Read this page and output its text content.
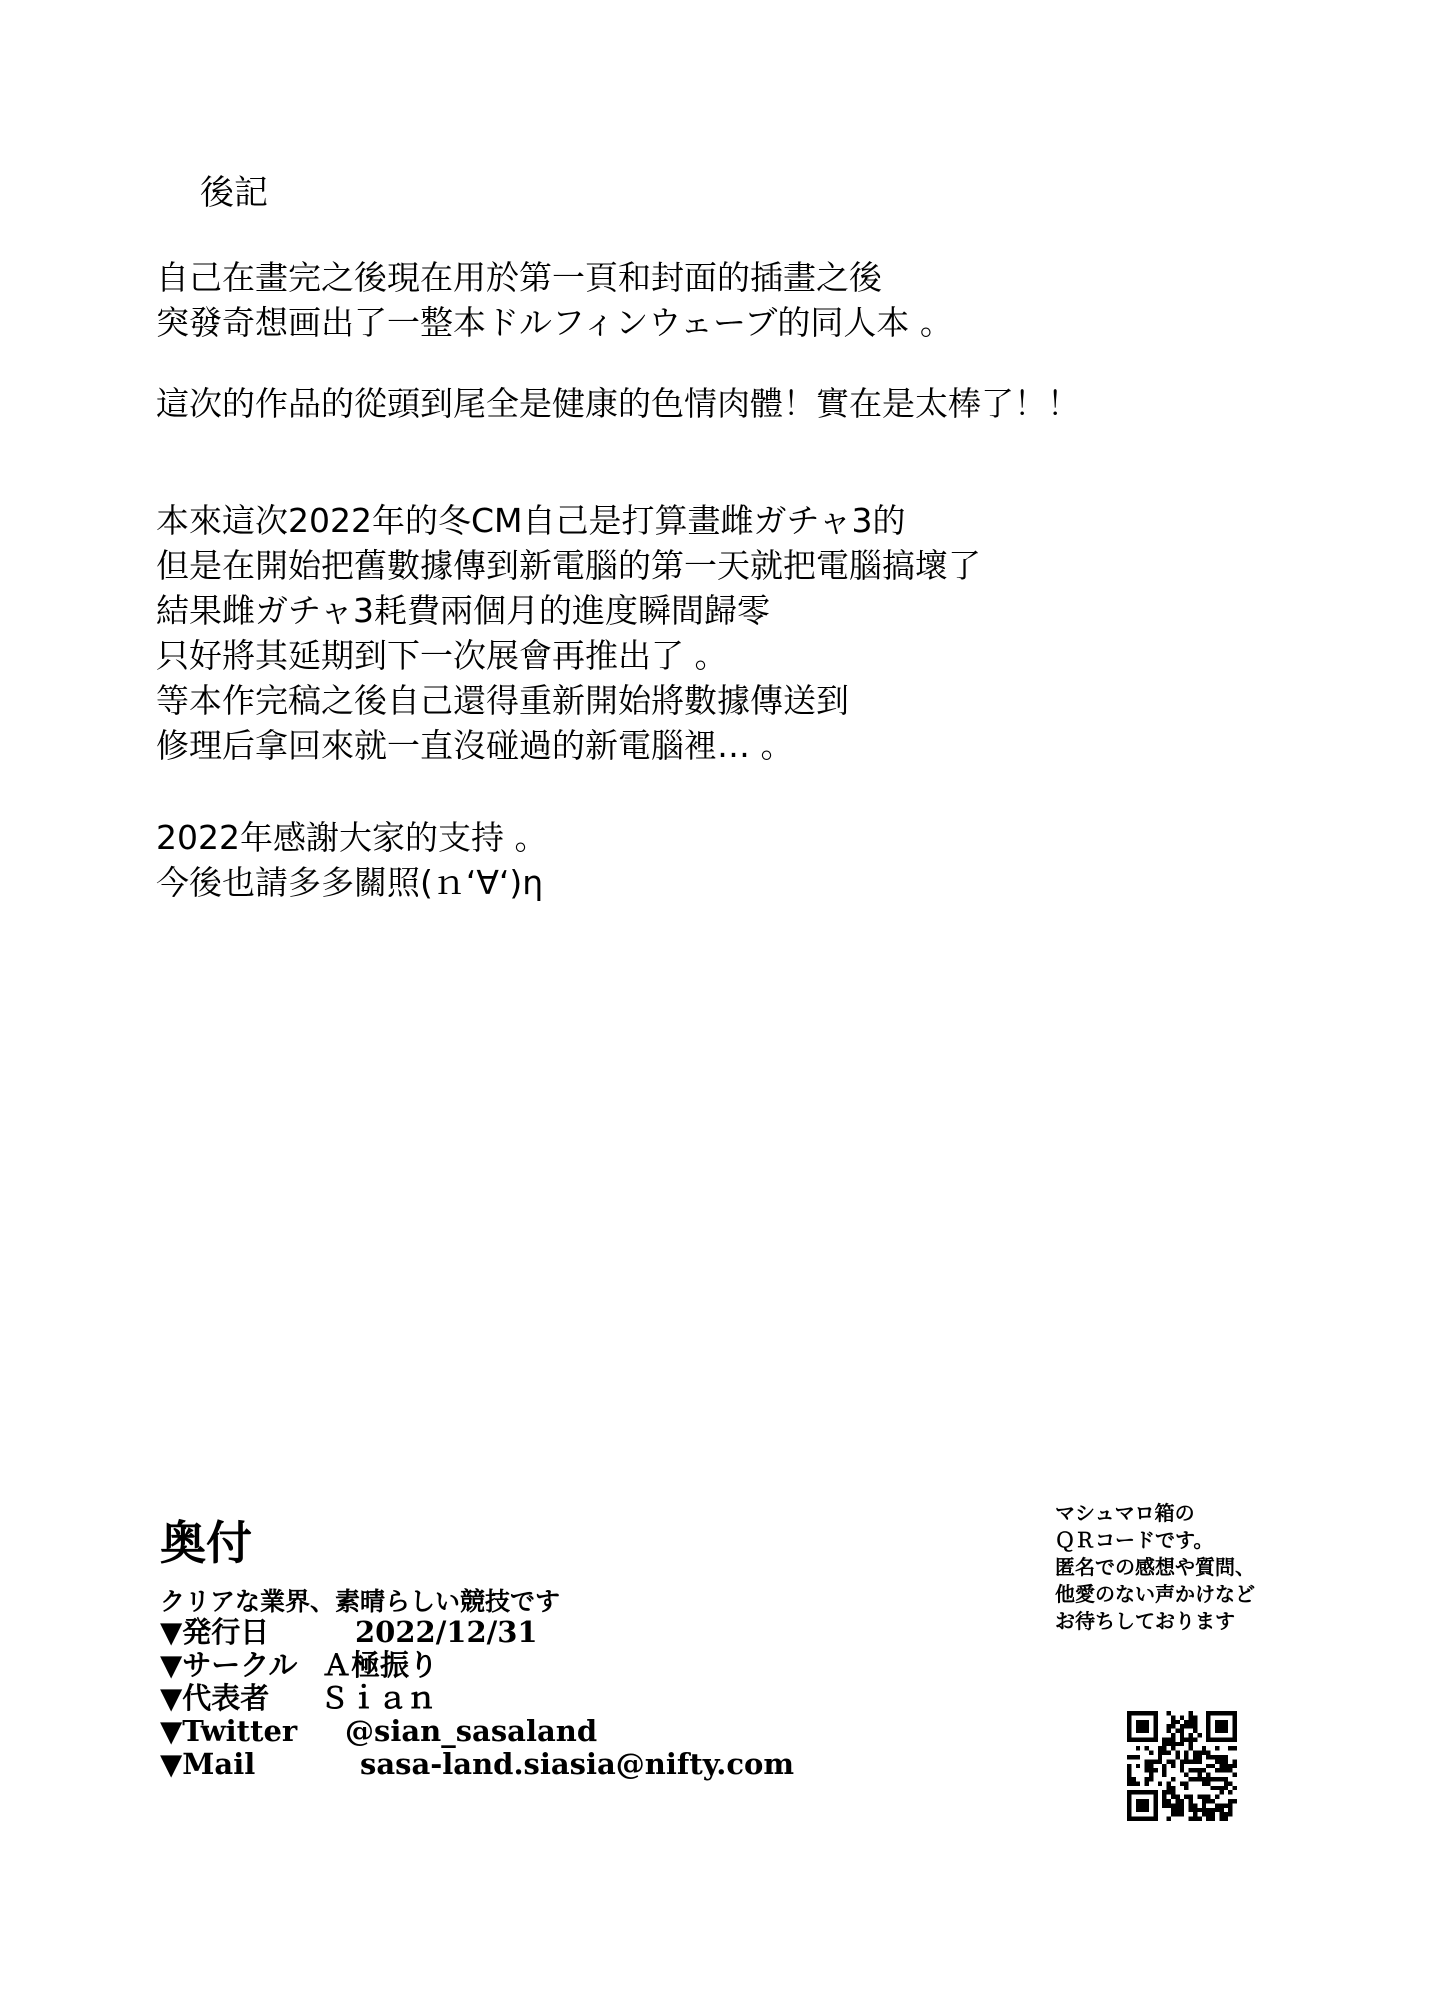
後記
自己在畫完之後現在用於第一頁和封面的插畫之後
突發奇想画出了一整本ドルフィンウェーブ的同人本 。
這次的作品的從頭到尾全是健康的色情肉體！實在是太棒了！！
本來這次2022年的冬CM自己是打算畫雌ガチャ3的
但是在開始把舊數據傳到新電腦的第一天就把電腦搞壞了
結果雌ガチャ3耗費兩個月的進度瞬間歸零
只好將其延期到下一次展會再推出了 。
等本作完稿之後自己還得重新開始將數據傳送到
修理后拿回來就一直沒碰過的新電腦裡… 。
2022年感謝大家的支持 。
今後也請多多關照(ｎ‘∀‘)η
奥付
クリアな業界、素晴らしい競技です
▼発行日	2022/12/31
▼サークル Ａ極振り
▼代表者 Ｓｉａｎ
▼Twitter @sian_sasaland
▼Mail	sasa-land.siasia@nifty.com
マシュマロ箱の
ＱＲコードです。
匿名での感想や質問、
他愛のない声かけなど
お待ちしております
